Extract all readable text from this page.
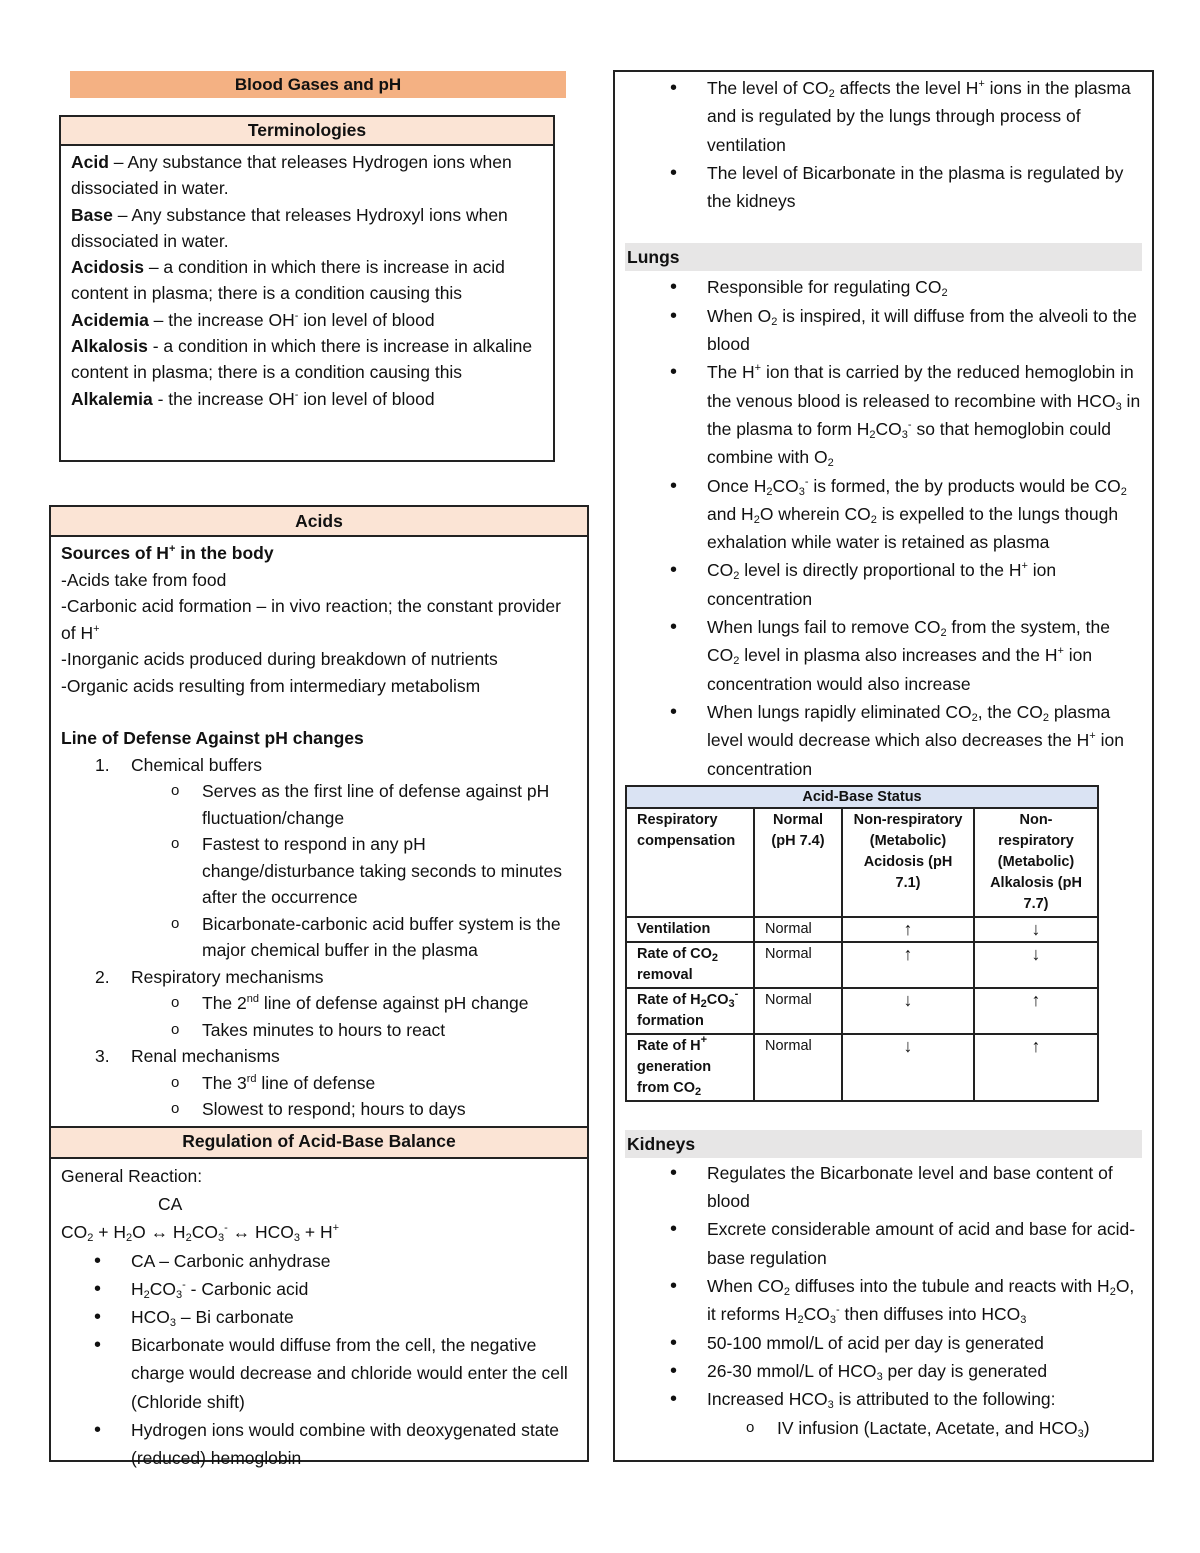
Blood Gases and pH
Terminologies
Acid – Any substance that releases Hydrogen ions when dissociated in water.
Base – Any substance that releases Hydroxyl ions when dissociated in water.
Acidosis – a condition in which there is increase in acid content in plasma; there is a condition causing this
Acidemia – the increase OH- ion level of blood
Alkalosis - a condition in which there is increase in alkaline content in plasma; there is a condition causing this
Alkalemia - the increase OH- ion level of blood
Acids
Sources of H+ in the body
-Acids take from food
-Carbonic acid formation – in vivo reaction; the constant provider of H+
-Inorganic acids produced during breakdown of nutrients
-Organic acids resulting from intermediary metabolism
Line of Defense Against pH changes
1. Chemical buffers
o Serves as the first line of defense against pH fluctuation/change
o Fastest to respond in any pH change/disturbance taking seconds to minutes after the occurrence
o Bicarbonate-carbonic acid buffer system is the major chemical buffer in the plasma
2. Respiratory mechanisms
o The 2nd line of defense against pH change
o Takes minutes to hours to react
3. Renal mechanisms
o The 3rd line of defense
o Slowest to respond; hours to days
Regulation of Acid-Base Balance
General Reaction:
CA
$CO_2 + H_2O$ ↔ $H_2CO_3^-$ ↔ $HCO_3 + H^+$
• CA – Carbonic anhydrase
• $H_2CO_3^-$ - Carbonic acid
• $HCO_3$ – Bi carbonate
• Bicarbonate would diffuse from the cell, the negative charge would decrease and chloride would enter the cell (Chloride shift)
• Hydrogen ions would combine with deoxygenated state (reduced) hemoglobin
• The level of $CO_2$ affects the level H+ ions in the plasma and is regulated by the lungs through process of ventilation
• The level of Bicarbonate in the plasma is regulated by the kidneys
Lungs
• Responsible for regulating $CO_2$
• When $O_2$ is inspired, it will diffuse from the alveoli to the blood
• The H+ ion that is carried by the reduced hemoglobin in the venous blood is released to recombine with $HCO_3$ in the plasma to form $H_2CO_3^-$ so that hemoglobin could combine with $O_2$
• Once $H_2CO_3^-$ is formed, the by products would be $CO_2$ and $H_2O$ wherein $CO_2$ is expelled to the lungs though exhalation while water is retained as plasma
• $CO_2$ level is directly proportional to the H+ ion concentration
• When lungs fail to remove $CO_2$ from the system, the $CO_2$ level in plasma also increases and the H+ ion concentration would also increase
• When lungs rapidly eliminated $CO_2$, the $CO_2$ plasma level would decrease which also decreases the H+ ion concentration
Acid-Base Status			
Respiratory compensation	Normal (pH 7.4)	Non-respiratory (Metabolic) Acidosis (pH 7.1)	Non-respiratory (Metabolic) Alkalosis (pH 7.7)
Ventilation	Normal	↑	↓
Rate of $CO_2$ removal	Normal	↑	↓
Rate of $H_2CO_3^-$ formation	Normal	↓	↑
Rate of H+ generation from $CO_2$	Normal	↓	↑
Kidneys
• Regulates the Bicarbonate level and base content of blood
• Excrete considerable amount of acid and base for acid-base regulation
• When $CO_2$ diffuses into the tubule and reacts with $H_2O$, it reforms $H_2CO_3^-$ then diffuses into $HCO_3$
• 50-100 mmol/L of acid per day is generated
• 26-30 mmol/L of $HCO_3$ per day is generated
• Increased $HCO_3$ is attributed to the following:
o IV infusion (Lactate, Acetate, and $HCO_3$)
